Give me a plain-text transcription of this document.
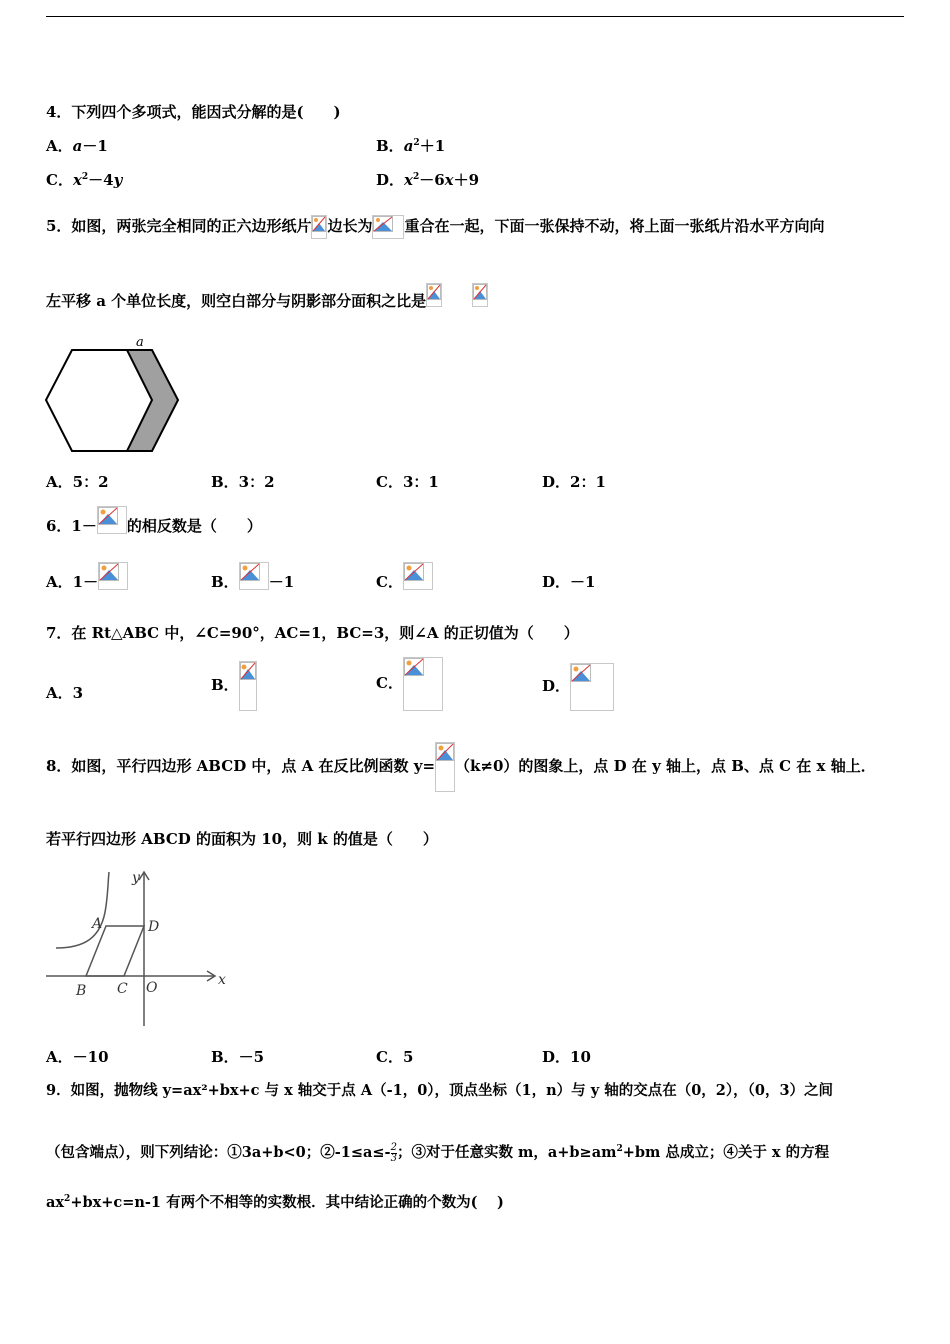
4．下列四个多项式，能因式分解的是(　　)
A．a－1	B．$a^2+1$
C．$x^2-4y$	D．$x^2-6x+9$
5．如图，两张完全相同的正六边形纸片 边长为 重合在一起，下面一张保持不动，将上面一张纸片沿水平方向向
左平移 a 个单位长度，则空白部分与阴影部分面积之比是
a
A．5：2	B．3：2	C．3：1	D．2：1
6．1－ 的相反数是（　　）
A．1－	B． －1	C．	D．－1
7．在 Rt△ABC 中，∠C=90°，AC=1，BC=3，则∠A 的正切值为（　　）
A．3	B．	C．	D．
8．如图，平行四边形 ABCD 中，点 A 在反比例函数 y= （k≠0）的图象上，点 D 在 y 轴上，点 B、点 C 在 x 轴上．
若平行四边形 ABCD 的面积为 10，则 k 的值是（　　）
y
x
A	D
B C O
A．－10	B．－5	C．5	D．10
9．如图，抛物线 y=ax²+bx+c 与 x 轴交于点 A（-1，0），顶点坐标（1，n）与 y 轴的交点在（0，2），（0，3）之间
（包含端点），则下列结论：①3a+b<0；②-1≤a≤- $\frac{2}{3}$ ；③对于任意实数 m，$a+b\ge am^2+bm$ 总成立；④关于 x 的方程
$ax^2+bx+c=n-1$ 有两个不相等的实数根．其中结论正确的个数为(　 )
